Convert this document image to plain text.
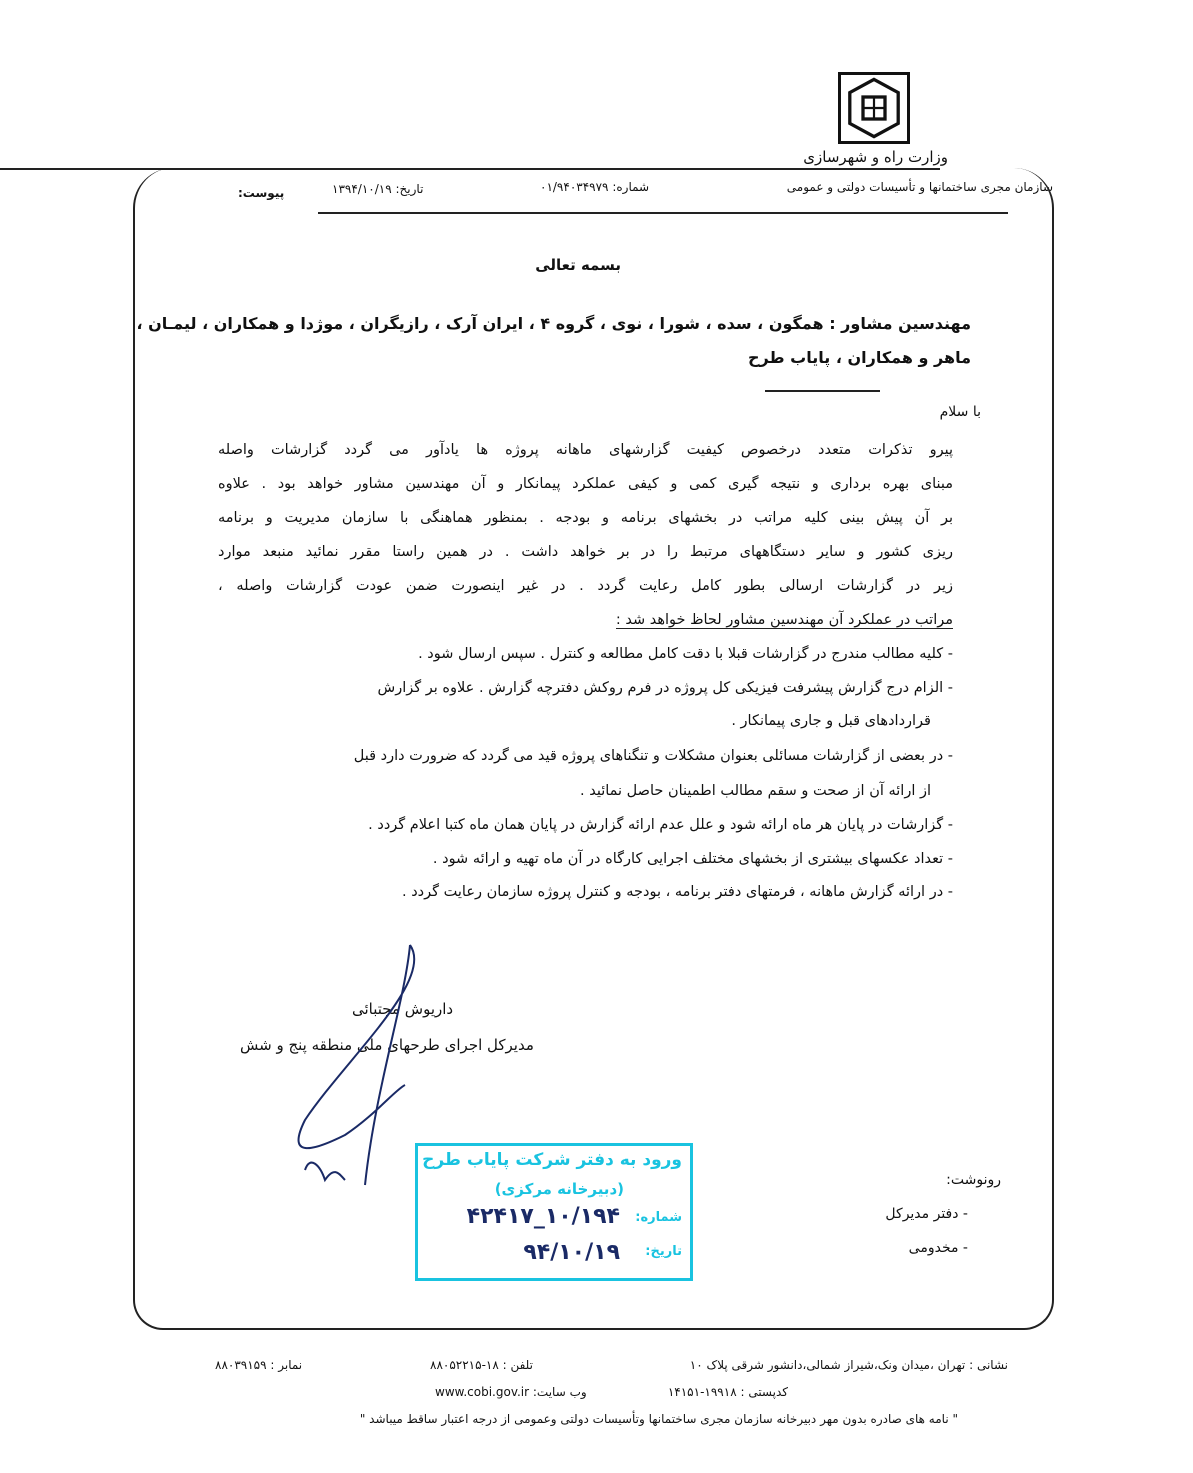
وزارت راه و شهرسازی
سازمان مجری ساختمانها و تأسیسات دولتی و عمومی
شماره: ۰۱/۹۴۰۳۴۹۷۹
تاریخ: ۱۳۹۴/۱۰/۱۹
پیوست:
بسمه تعالی
مهندسین مشاور : همگون ، سده ، شورا ، نوی ، گروه ۴ ، ایران آرک ، رازیگران ، موژدا و همکاران ، لیمـان ،
ماهر و همکاران ، پایاب طرح
با سلام
پیرو تذکرات متعدد درخصوص کیفیت گزارشهای ماهانه پروژه ها یادآور می گردد گزارشات واصله
مبنای بهره برداری و نتیجه گیری کمی و کیفی عملکرد پیمانکار و آن مهندسین مشاور خواهد بود . علاوه
بر آن پیش بینی کلیه مراتب در بخشهای برنامه و بودجه . بمنظور هماهنگی با سازمان مدیریت و برنامه
ریزی کشور و سایر دستگاههای مرتبط را در بر خواهد داشت . در همین راستا مقرر نمائید منبعد موارد
زیر در گزارشات ارسالی بطور کامل رعایت گردد . در غیر اینصورت ضمن عودت گزارشات واصله ،
مراتب در عملکرد آن مهندسین مشاور لحاظ خواهد شد :
- کلیه مطالب مندرج در گزارشات قبلا با دقت کامل مطالعه و کنترل . سپس ارسال شود .
- الزام درج گزارش پیشرفت فیزیکی کل پروژه در فرم روکش دفترچه گزارش . علاوه بر گزارش
قراردادهای قبل و جاری پیمانکار .
- در بعضی از گزارشات مسائلی بعنوان مشکلات و تنگناهای پروژه قید می گردد که ضرورت دارد قبل
از ارائه آن از صحت و سقم مطالب اطمینان حاصل نمائید .
- گزارشات در پایان هر ماه ارائه شود و علل عدم ارائه گزارش در پایان همان ماه کتبا اعلام گردد .
- تعداد عکسهای بیشتری از بخشهای مختلف اجرایی کارگاه در آن ماه تهیه و ارائه شود .
- در ارائه گزارش ماهانه ، فرمتهای دفتر برنامه ، بودجه و کنترل پروژه سازمان رعایت گردد .
داریوش مجتبائی
مدیرکل اجرای طرحهای ملی منطقه پنج و شش
رونوشت:
- دفتر مدیرکل
- مخدومی
ورود به دفتر شرکت پایاب طرح
(دبیرخانه مرکزی)
شماره:
۱۰/۱۹۴_۴۲۴۱۷
تاریخ:
۹۴/۱۰/۱۹
نشانی : تهران ،میدان ونک،شیراز شمالی،دانشور شرقی پلاک ۱۰
تلفن : ۱۸-۸۸۰۵۲۲۱۵
نمابر : ۸۸۰۳۹۱۵۹
کدپستی : ۱۹۹۱۸-۱۴۱۵۱
وب سایت: www.cobi.gov.ir
" نامه های صادره بدون مهر دبیرخانه سازمان مجری ساختمانها وتأسیسات دولتی وعمومی از درجه اعتبار ساقط میباشد "
